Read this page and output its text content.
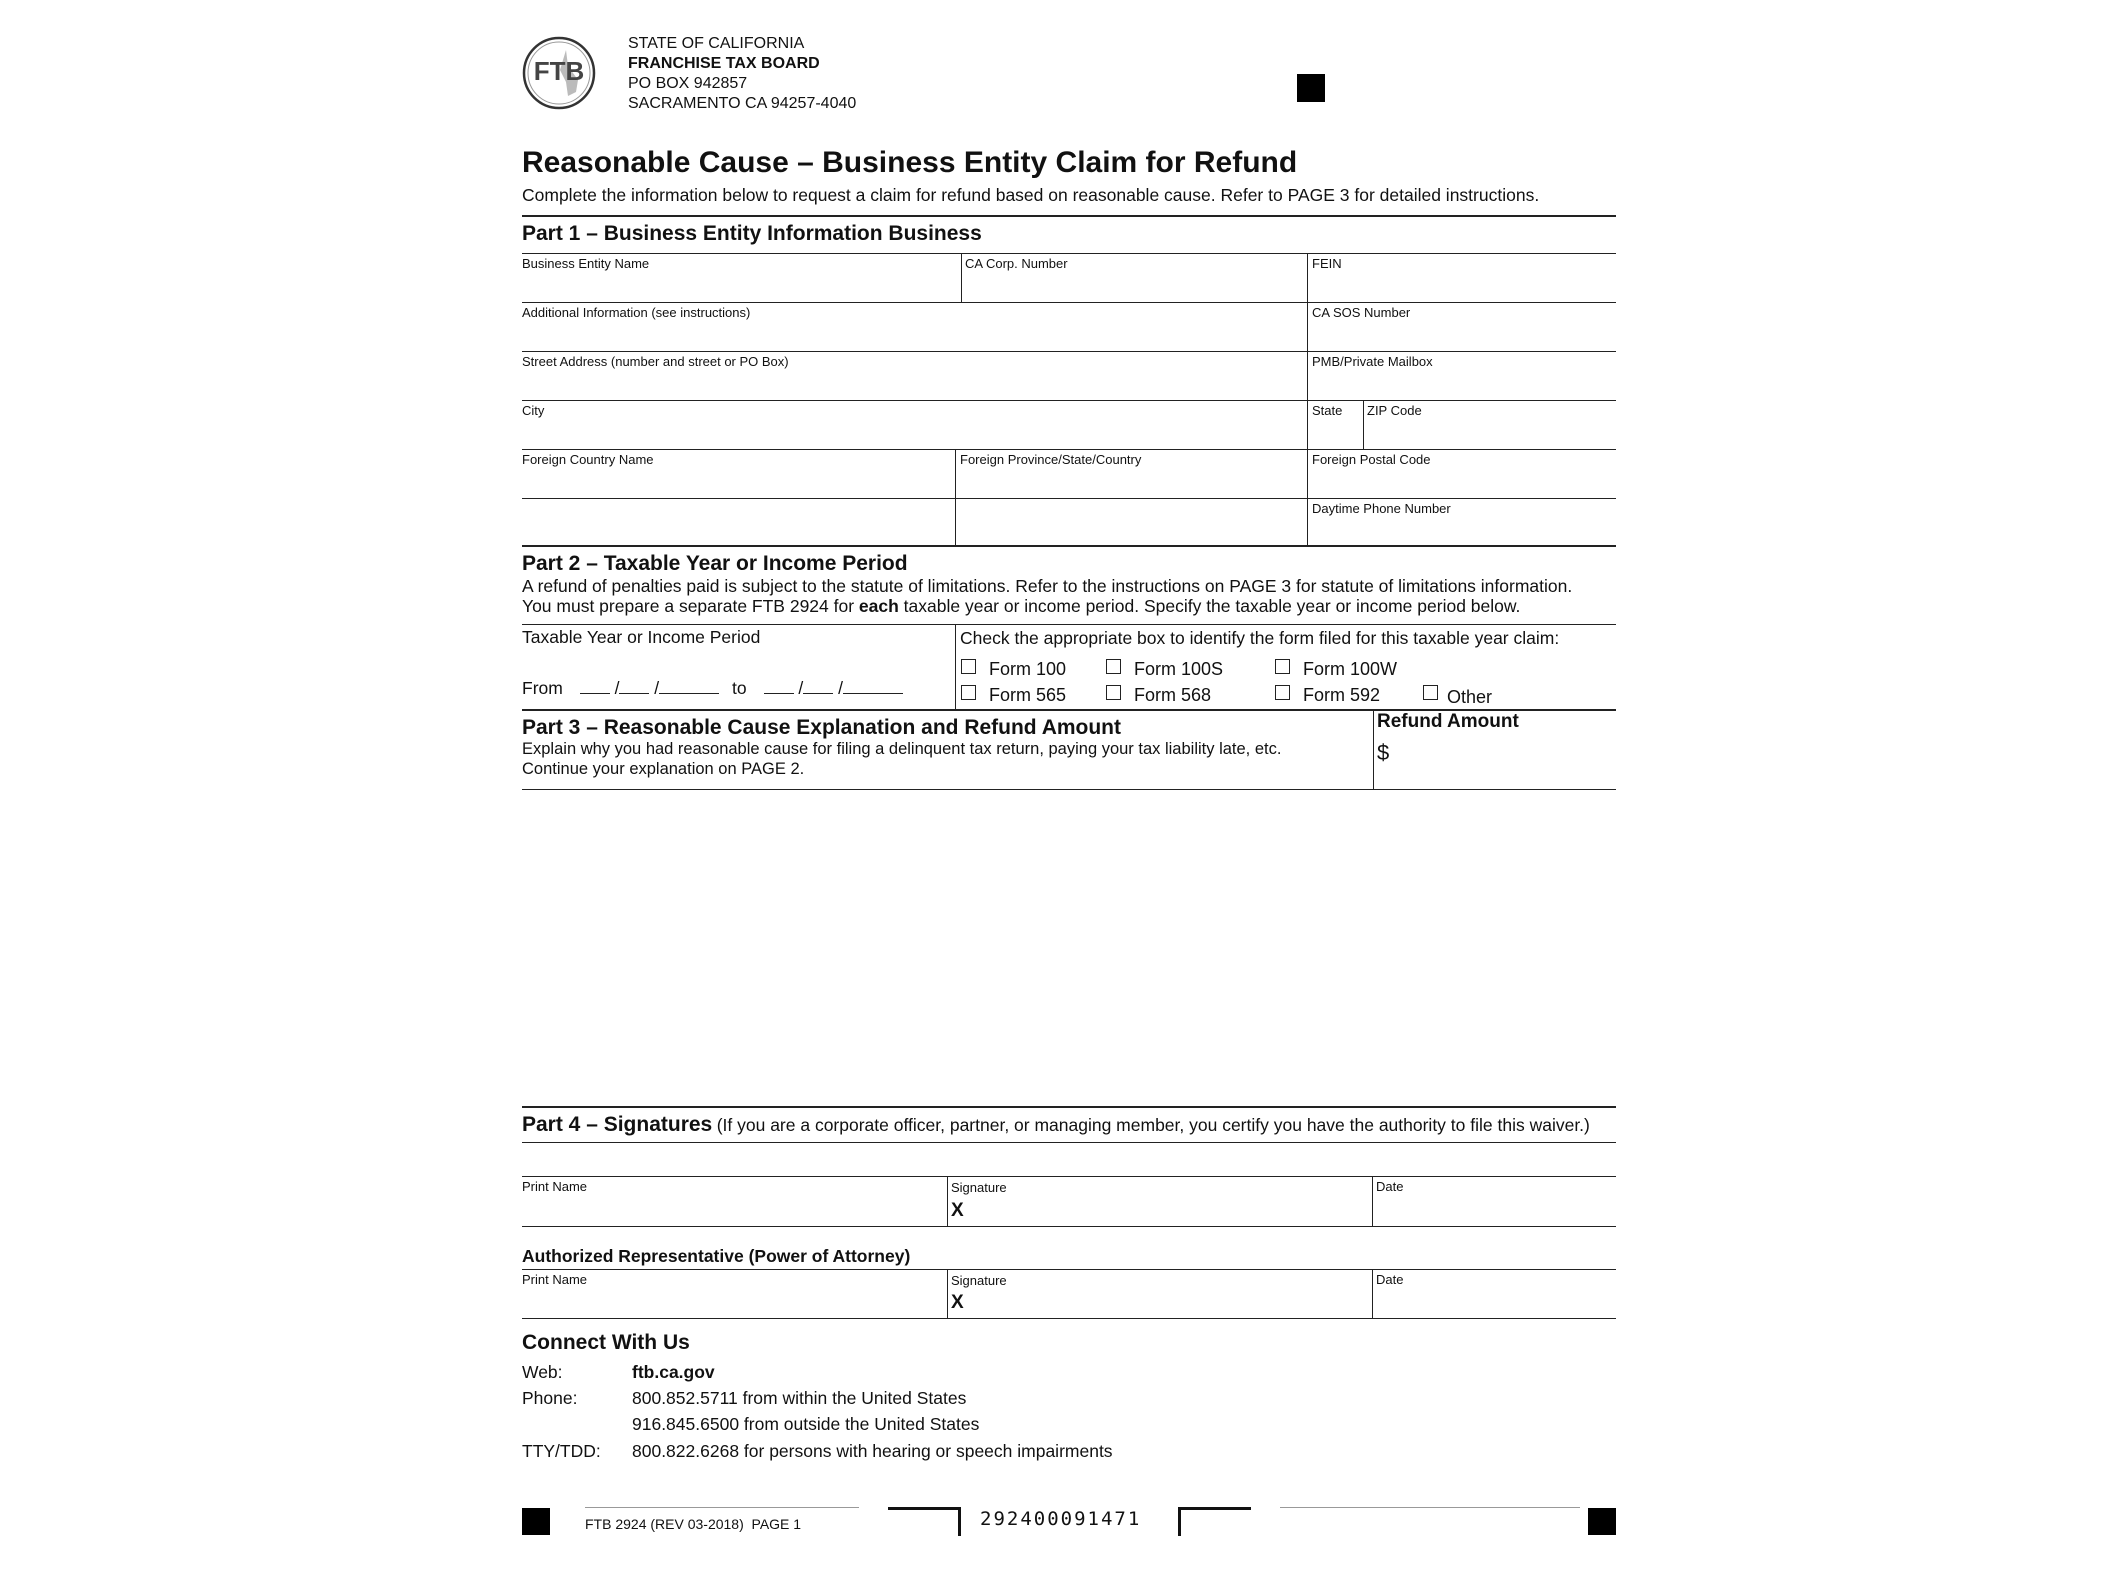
FTB
STATE OF CALIFORNIA
FRANCHISE TAX BOARD
PO BOX 942857
SACRAMENTO CA 94257-4040
Reasonable Cause – Business Entity Claim for Refund
Complete the information below to request a claim for refund based on reasonable cause. Refer to PAGE 3 for detailed instructions.
Part 1 – Business Entity Information Business
Business Entity Name	CA Corp. Number	FEIN
Additional Information (see instructions)	CA SOS Number
Street Address (number and street or PO Box)	PMB/Private Mailbox
City	State ZIP Code
Foreign Country Name	Foreign Province/State/Country	Foreign Postal Code
Daytime Phone Number
Part 2 – Taxable Year or Income Period
A refund of penalties paid is subject to the statute of limitations. Refer to the instructions on PAGE 3 for statute of limitations information.
You must prepare a separate FTB 2924 for each taxable year or income period. Specify the taxable year or income period below.
Taxable Year or Income Period
From	/ /	to	/ /
Check the appropriate box to identify the form filed for this taxable year claim:
Form 100	Form 100S	Form 100W
Form 565	Form 568	Form 592	Other
Part 3 – Reasonable Cause Explanation and Refund Amount
Explain why you had reasonable cause for filing a delinquent tax return, paying your tax liability late, etc.
Continue your explanation on PAGE 2.
Refund Amount
$
Part 4 – Signatures (If you are a corporate officer, partner, or managing member, you certify you have the authority to file this waiver.)
Print Name	Signature	Date
X
Authorized Representative (Power of Attorney)
Print Name	Signature	Date
X
Connect With Us
Web:	ftb.ca.gov
Phone:	800.852.5711 from within the United States
916.845.6500 from outside the United States
TTY/TDD: 800.822.6268 for persons with hearing or speech impairments
FTB 2924 (REV 03-2018)  PAGE 1	292400091471
